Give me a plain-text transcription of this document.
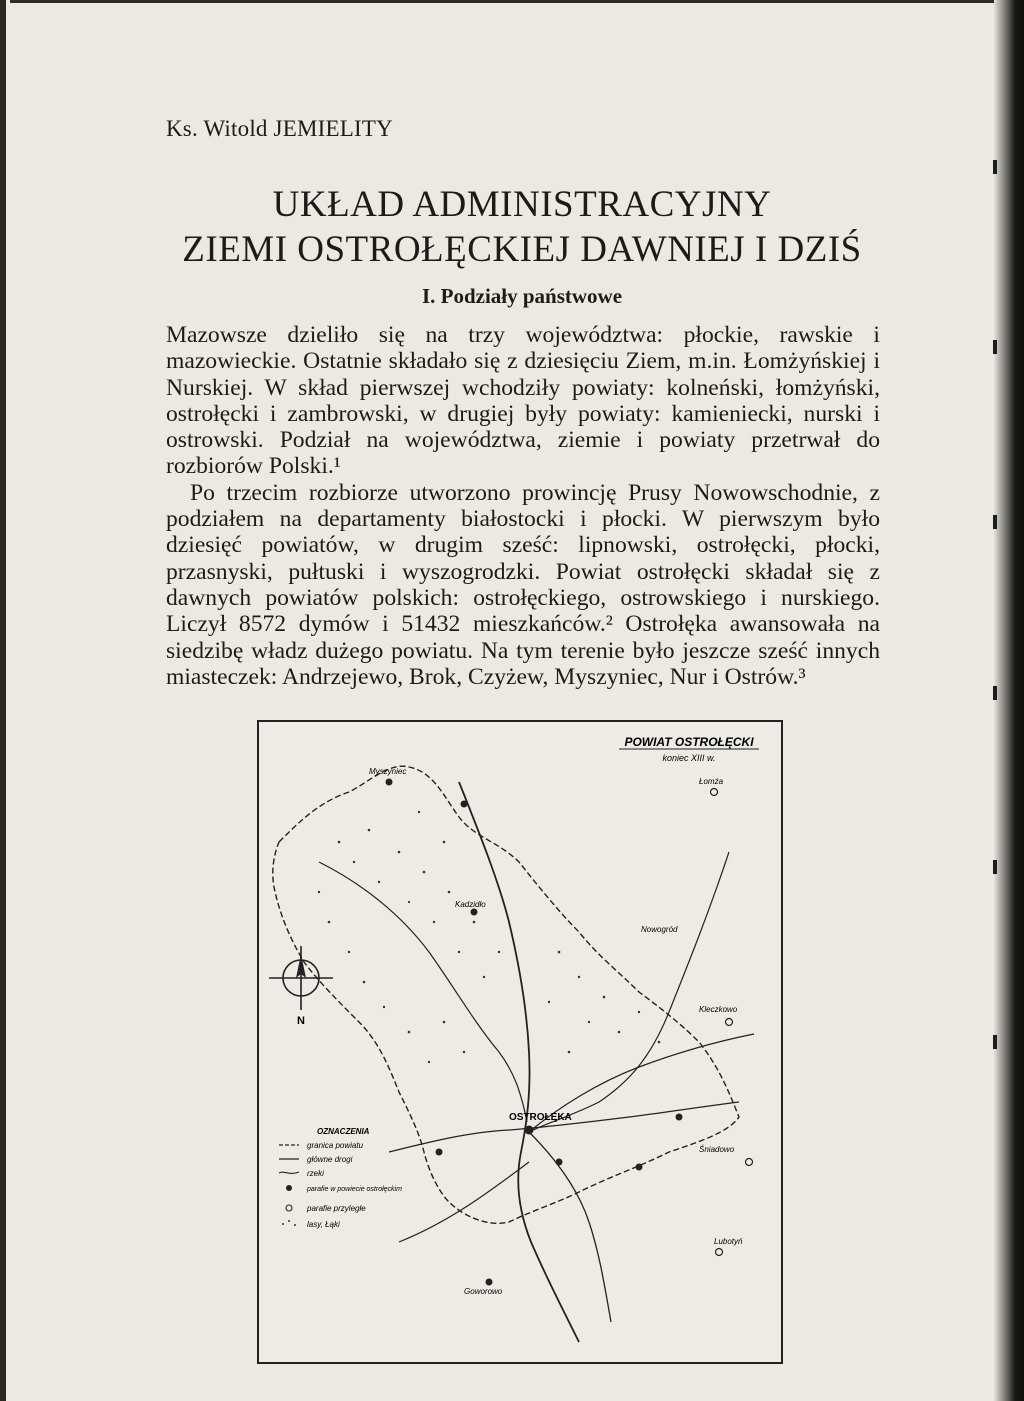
Ks. Witold JEMIELITY
UKŁAD ADMINISTRACYJNY
ZIEMI OSTROŁĘCKIEJ DAWNIEJ I DZIŚ
I. Podziały państwowe

Mazowsze dzieliło się na trzy województwa: płockie, rawskie i mazowieckie. Ostatnie składało się z dziesięciu Ziem, m.in. Łomżyńskiej i Nurskiej. W skład pierwszej wchodziły powiaty: kolneński, łomżyński, ostrołęcki i zambrowski, w drugiej były powiaty: kamieniecki, nurski i ostrowski. Podział na województwa, ziemie i powiaty przetrwał do rozbiorów Polski.¹

Po trzecim rozbiorze utworzono prowincję Prusy Nowowschodnie, z podziałem na departamenty białostocki i płocki. W pierwszym było dziesięć powiatów, w drugim sześć: lipnowski, ostrołęcki, płocki, przasnyski, pułtuski i wyszogrodzki. Powiat ostrołęcki składał się z dawnych powiatów polskich: ostrołęckiego, ostrowskiego i nurskiego. Liczył 8572 dymów i 51432 mieszkańców.² Ostrołęka awansowała na siedzibę władz dużego powiatu. Na tym terenie było jeszcze sześć innych miasteczek: Andrzejewo, Brok, Czyżew, Myszyniec, Nur i Ostrów.³

POWIAT OSTROŁĘCKI
koniec XIII w.
Myszyniec
Kadzidło
OSTROŁĘKA
Goworowo
Łomża
Nowogród
Śniadowo
Lubotyń
Kleczkowo
N
OZNACZENIA
granica powiatu
główne drogi
rzeki
parafie w powiecie ostrołęckim
parafie przyległe
lasy, Łąki
